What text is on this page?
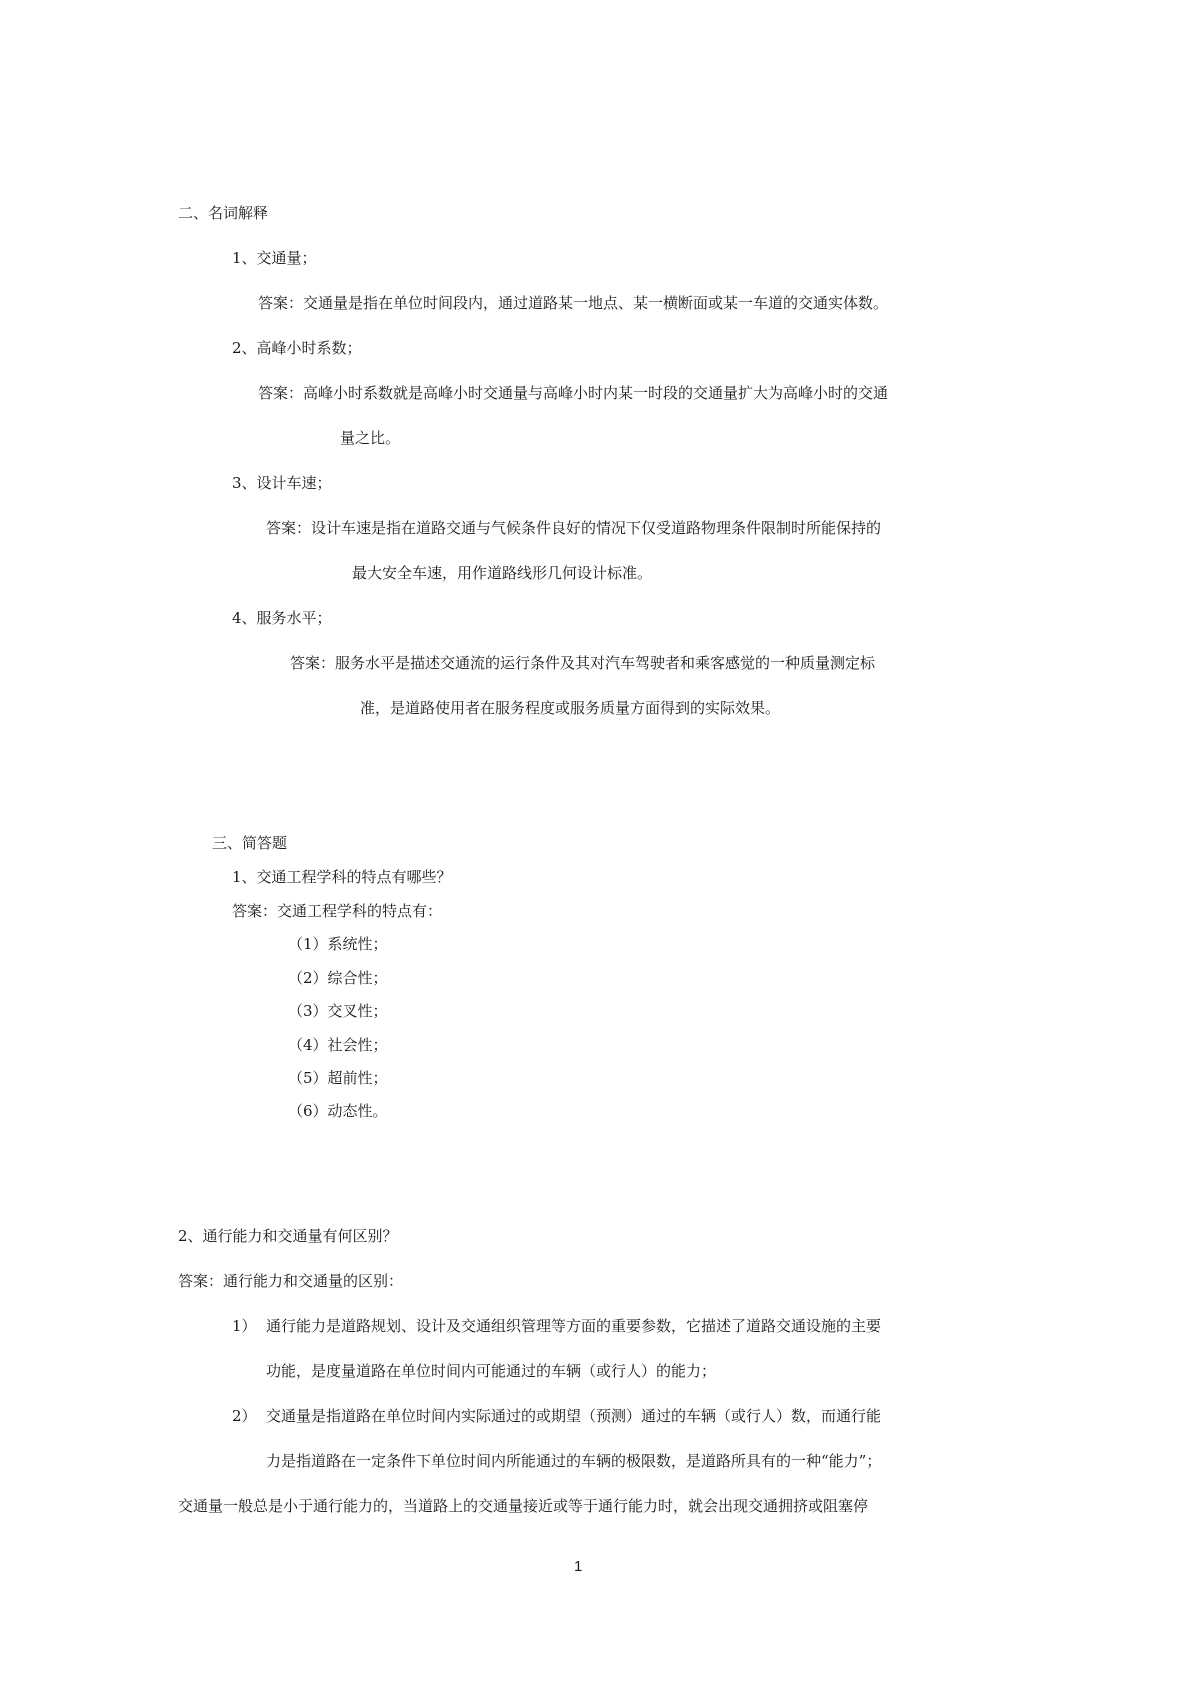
二、名词解释
1、交通量；
答案：交通量是指在单位时间段内，通过道路某一地点、某一横断面或某一车道的交通实体数。
2、高峰小时系数；
答案：高峰小时系数就是高峰小时交通量与高峰小时内某一时段的交通量扩大为高峰小时的交通
量之比。
3、设计车速；
答案：设计车速是指在道路交通与气候条件良好的情况下仅受道路物理条件限制时所能保持的
最大安全车速，用作道路线形几何设计标准。
4、服务水平；
答案：服务水平是描述交通流的运行条件及其对汽车驾驶者和乘客感觉的一种质量测定标
准，是道路使用者在服务程度或服务质量方面得到的实际效果。
三、简答题
1、交通工程学科的特点有哪些？
答案：交通工程学科的特点有：
（1）系统性；
（2）综合性；
（3）交叉性；
（4）社会性；
（5）超前性；
（6）动态性。
2、通行能力和交通量有何区别？
答案：通行能力和交通量的区别：
1） 通行能力是道路规划、设计及交通组织管理等方面的重要参数，它描述了道路交通设施的主要
功能，是度量道路在单位时间内可能通过的车辆（或行人）的能力；
2） 交通量是指道路在单位时间内实际通过的或期望（预测）通过的车辆（或行人）数，而通行能
力是指道路在一定条件下单位时间内所能通过的车辆的极限数，是道路所具有的一种“能力”；
交通量一般总是小于通行能力的，当道路上的交通量接近或等于通行能力时，就会出现交通拥挤或阻塞停
1
